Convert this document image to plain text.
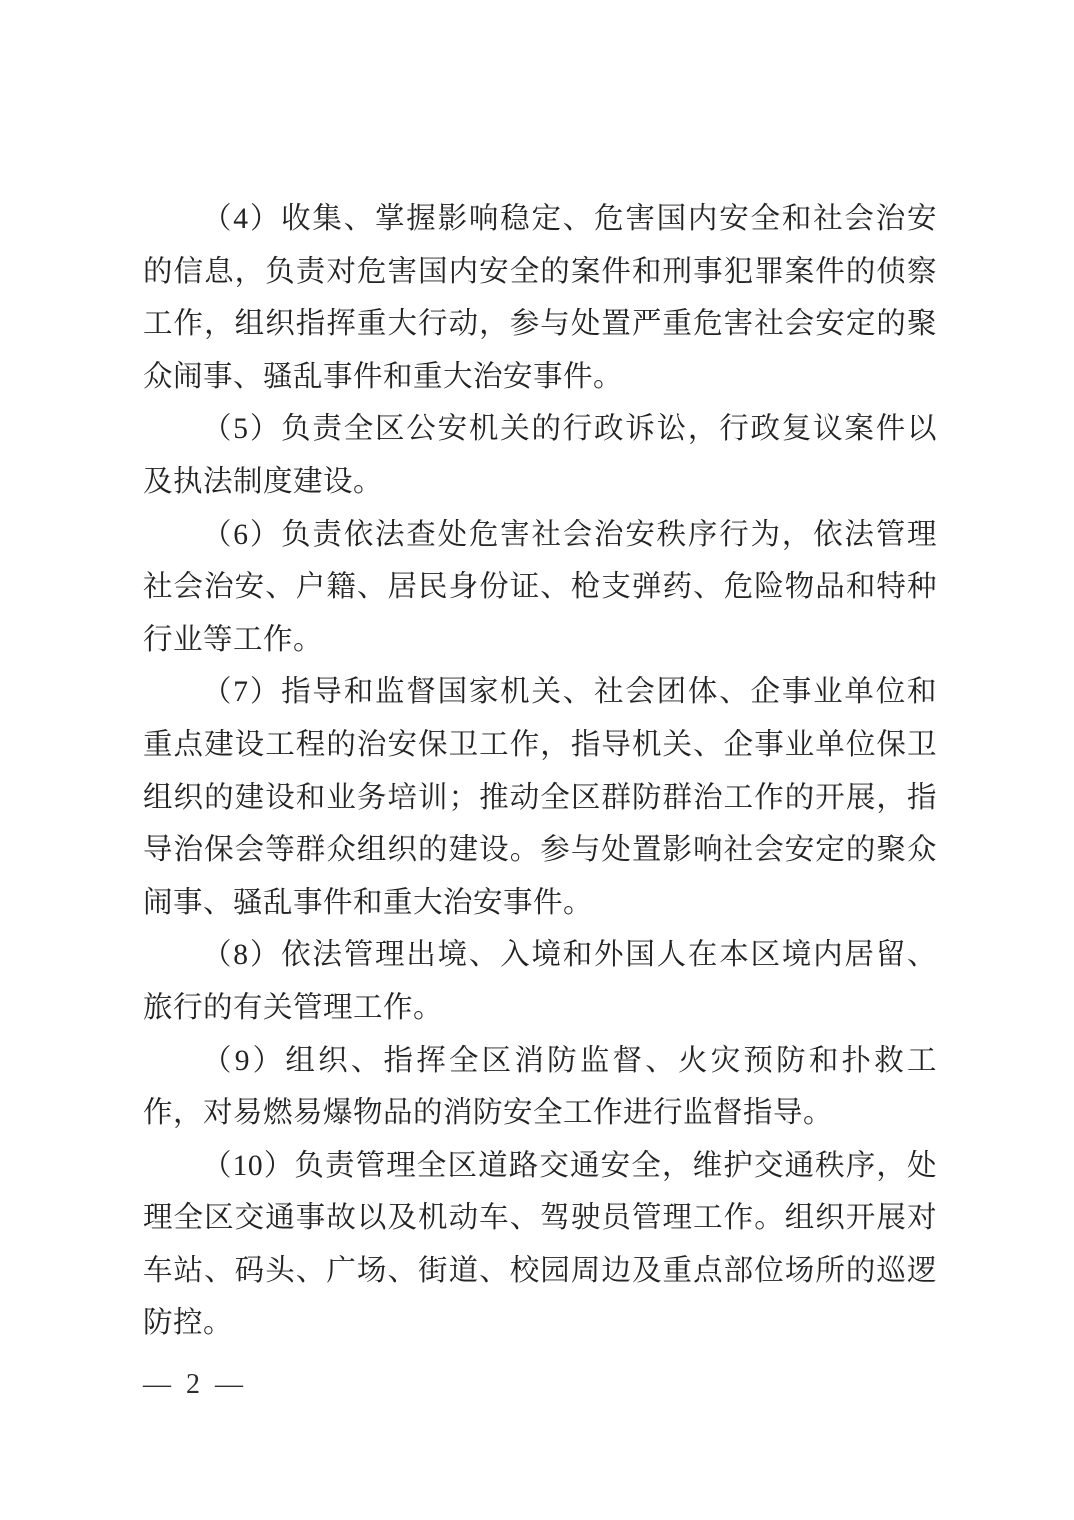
（4）收集、掌握影响稳定、危害国内安全和社会治安的信息，负责对危害国内安全的案件和刑事犯罪案件的侦察工作，组织指挥重大行动，参与处置严重危害社会安定的聚众闹事、骚乱事件和重大治安事件。

（5）负责全区公安机关的行政诉讼，行政复议案件以及执法制度建设。

（6）负责依法查处危害社会治安秩序行为，依法管理社会治安、户籍、居民身份证、枪支弹药、危险物品和特种行业等工作。

（7）指导和监督国家机关、社会团体、企事业单位和重点建设工程的治安保卫工作，指导机关、企事业单位保卫组织的建设和业务培训；推动全区群防群治工作的开展，指导治保会等群众组织的建设。参与处置影响社会安定的聚众闹事、骚乱事件和重大治安事件。

（8）依法管理出境、入境和外国人在本区境内居留、旅行的有关管理工作。

（9）组织、指挥全区消防监督、火灾预防和扑救工作，对易燃易爆物品的消防安全工作进行监督指导。

（10）负责管理全区道路交通安全，维护交通秩序，处理全区交通事故以及机动车、驾驶员管理工作。组织开展对车站、码头、广场、街道、校园周边及重点部位场所的巡逻防控。

— 2 —
